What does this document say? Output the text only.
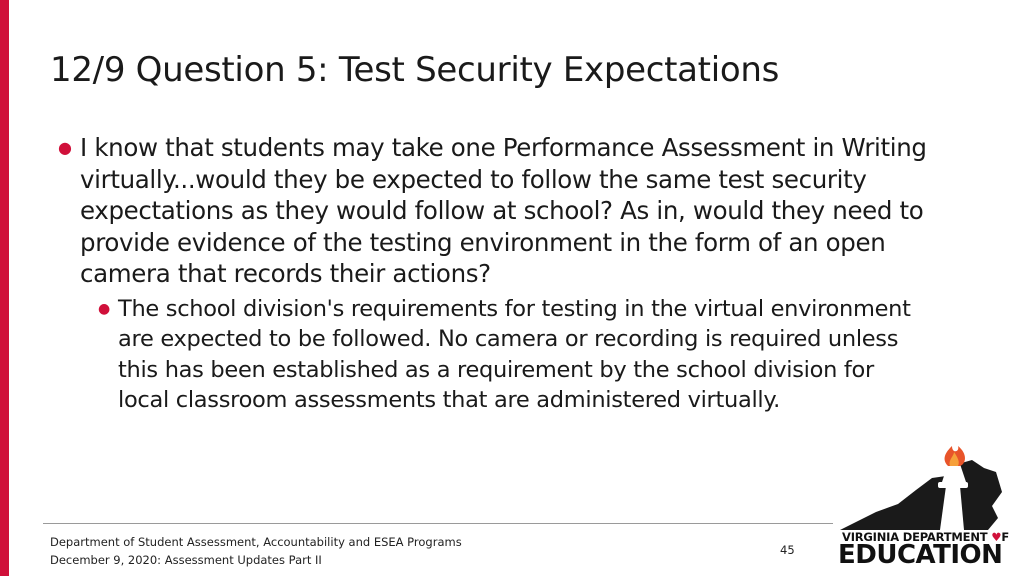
12/9 Question 5: Test Security Expectations
● I know that students may take one Performance Assessment in Writing virtually...would they be expected to follow the same test security expectations as they would follow at school? As in, would they need to provide evidence of the testing environment in the form of an open camera that records their actions?
● The school division's requirements for testing in the virtual environment are expected to be followed. No camera or recording is required unless this has been established as a requirement by the school division for local classroom assessments that are administered virtually.
Department of Student Assessment, Accountability and ESEA Programs
December 9, 2020: Assessment Updates Part II
45
VIRGINIA DEPARTMENT ♥F
EDUCATION
